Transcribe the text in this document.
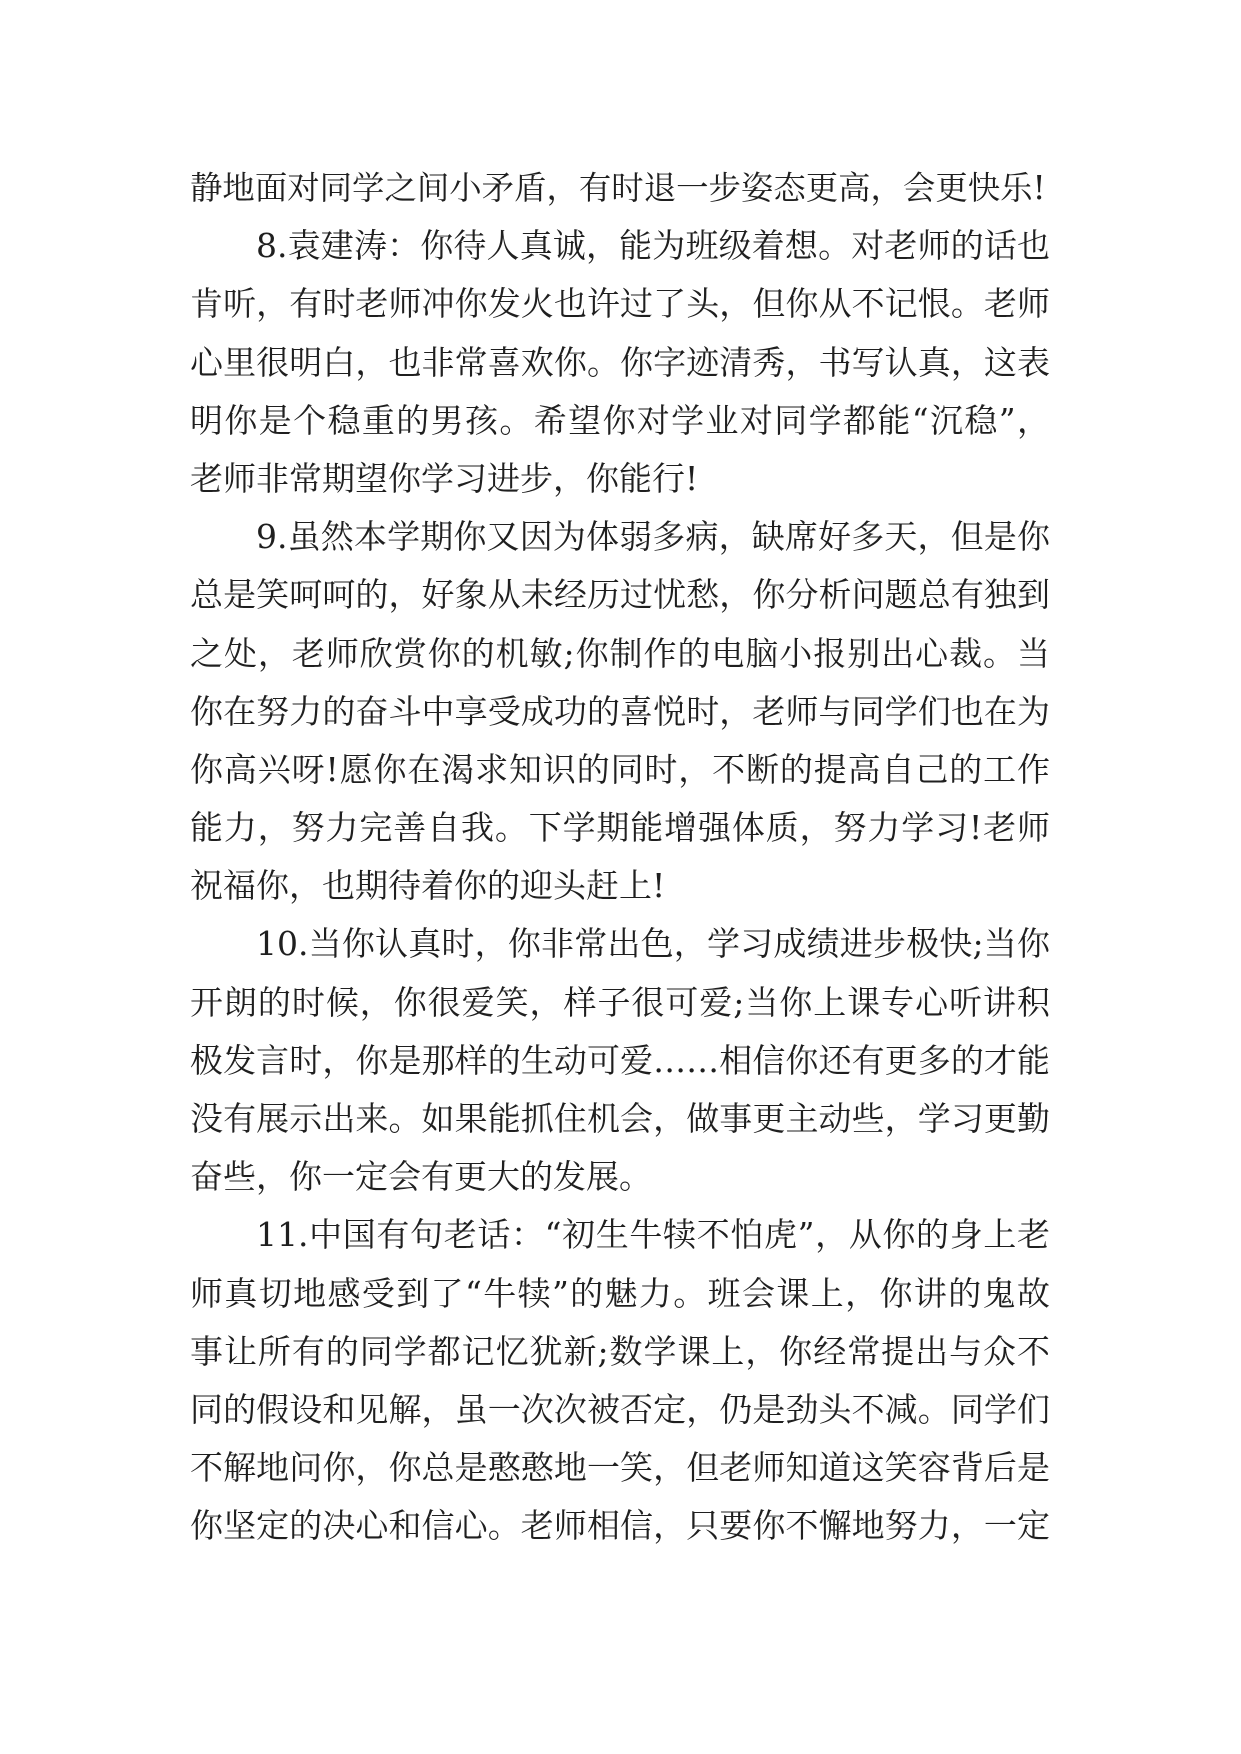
静地面对同学之间小矛盾，有时退一步姿态更高，会更快乐!
8.袁建涛：你待人真诚，能为班级着想。对老师的话也
肯听，有时老师冲你发火也许过了头，但你从不记恨。老师
心里很明白，也非常喜欢你。你字迹清秀，书写认真，这表
明你是个稳重的男孩。希望你对学业对同学都能“沉稳”，
老师非常期望你学习进步，你能行!
9.虽然本学期你又因为体弱多病，缺席好多天，但是你
总是笑呵呵的，好象从未经历过忧愁，你分析问题总有独到
之处，老师欣赏你的机敏;你制作的电脑小报别出心裁。当
你在努力的奋斗中享受成功的喜悦时，老师与同学们也在为
你高兴呀!愿你在渴求知识的同时，不断的提高自己的工作
能力，努力完善自我。下学期能增强体质，努力学习!老师
祝福你，也期待着你的迎头赶上!
10.当你认真时，你非常出色，学习成绩进步极快;当你
开朗的时候，你很爱笑，样子很可爱;当你上课专心听讲积
极发言时，你是那样的生动可爱……相信你还有更多的才能
没有展示出来。如果能抓住机会，做事更主动些，学习更勤
奋些，你一定会有更大的发展。
11.中国有句老话：“初生牛犊不怕虎”，从你的身上老
师真切地感受到了“牛犊”的魅力。班会课上，你讲的鬼故
事让所有的同学都记忆犹新;数学课上，你经常提出与众不
同的假设和见解，虽一次次被否定，仍是劲头不减。同学们
不解地问你，你总是憨憨地一笑，但老师知道这笑容背后是
你坚定的决心和信心。老师相信，只要你不懈地努力，一定
